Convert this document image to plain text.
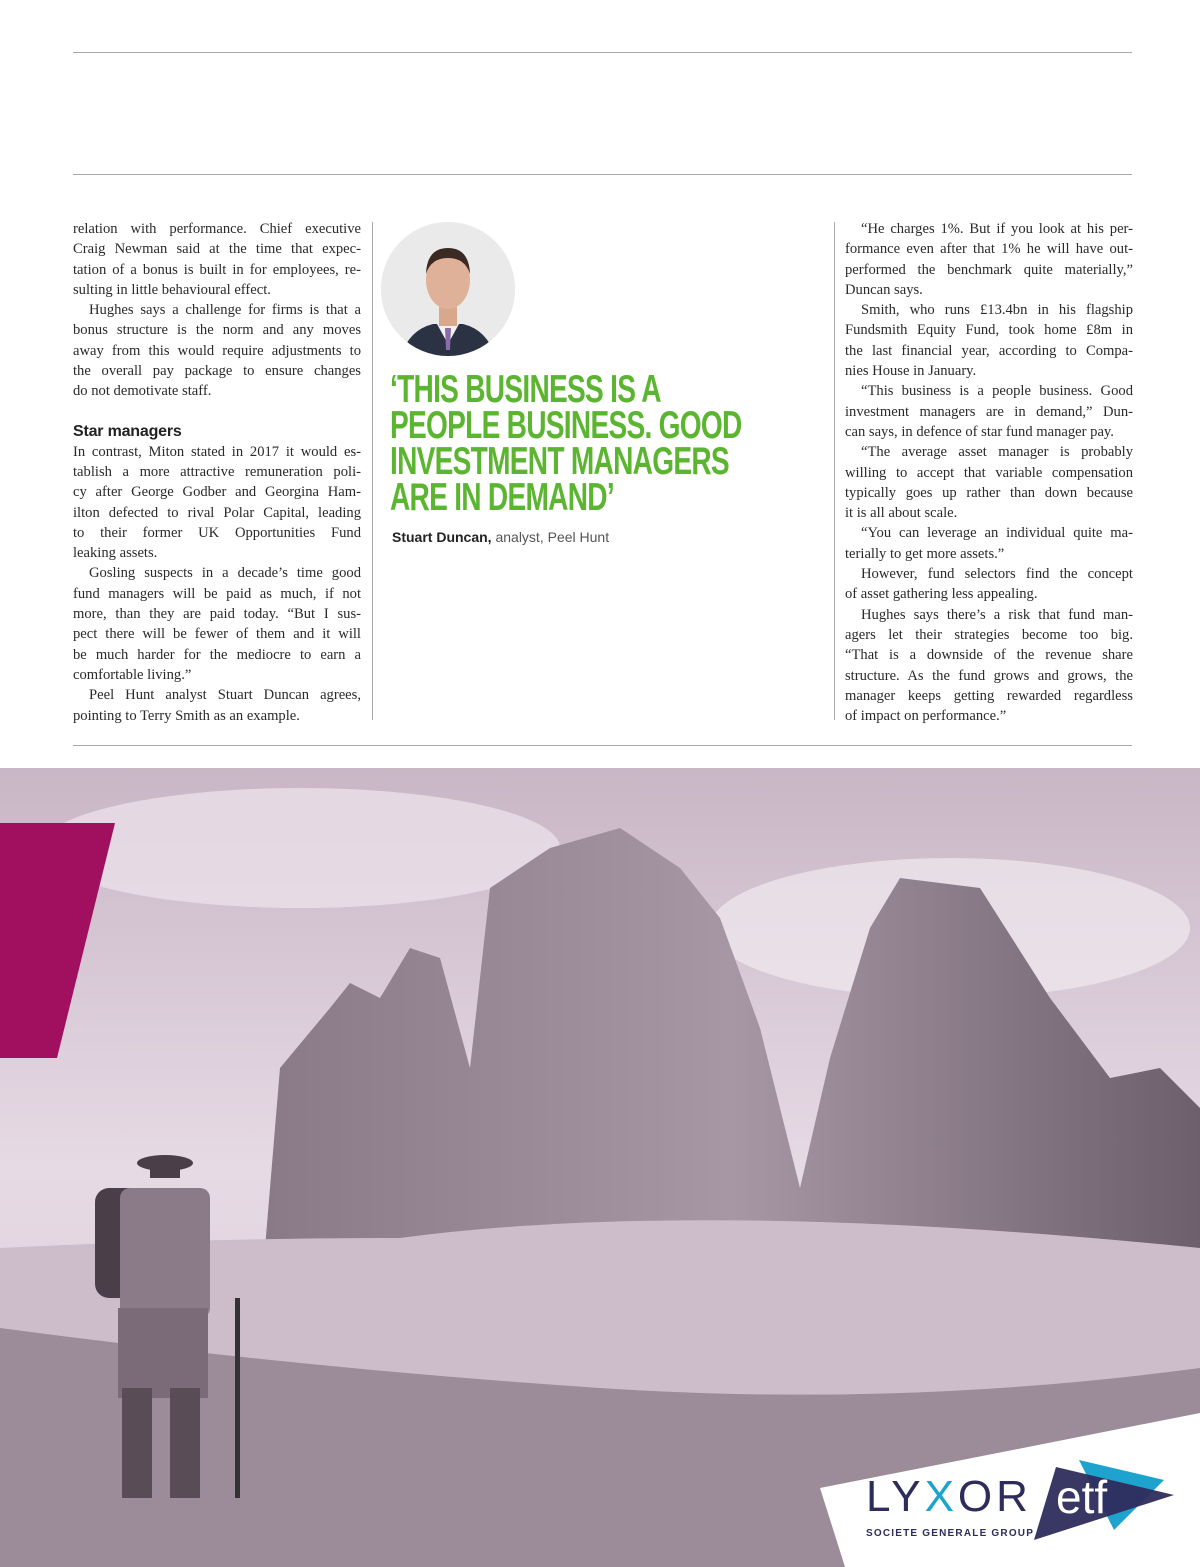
relation with performance. Chief executive
Craig Newman said at the time that expec-
tation of a bonus is built in for employees, re-
sulting in little behavioural effect.
Hughes says a challenge for firms is that a
bonus structure is the norm and any moves
away from this would require adjustments to
the overall pay package to ensure changes
do not demotivate staff.
Star managers
In contrast, Miton stated in 2017 it would es-
tablish a more attractive remuneration poli-
cy after George Godber and Georgina Ham-
ilton defected to rival Polar Capital, leading
to their former UK Opportunities Fund
leaking assets.
Gosling suspects in a decade’s time good
fund managers will be paid as much, if not
more, than they are paid today. “But I sus-
pect there will be fewer of them and it will
be much harder for the mediocre to earn a
comfortable living.”
Peel Hunt analyst Stuart Duncan agrees,
pointing to Terry Smith as an example.
“He charges 1%. But if you look at his per-
formance even after that 1% he will have out-
performed the benchmark quite materially,”
Duncan says.
Smith, who runs £13.4bn in his flagship
Fundsmith Equity Fund, took home £8m in
the last financial year, according to Compa-
nies House in January.
“This business is a people business. Good
investment managers are in demand,” Dun-
can says, in defence of star fund manager pay.
“The average asset manager is probably
willing to accept that variable compensation
typically goes up rather than down because
it is all about scale.
“You can leverage an individual quite ma-
terially to get more assets.”
However, fund selectors find the concept
of asset gathering less appealing.
Hughes says there’s a risk that fund man-
agers let their strategies become too big.
“That is a downside of the revenue share
structure. As the fund grows and grows, the
manager keeps getting rewarded regardless
of impact on performance.”
‘THIS BUSINESS IS A
PEOPLE BUSINESS. GOOD
INVESTMENT MANAGERS
ARE IN DEMAND’
Stuart Duncan, analyst, Peel Hunt
LYXOR etf
SOCIETE GENERALE GROUP
